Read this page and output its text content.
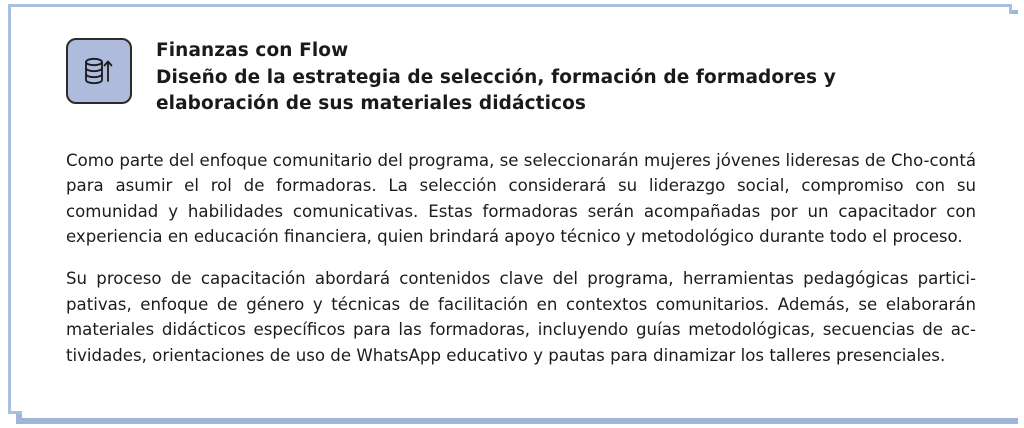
Finanzas con Flow
Diseño de la estrategia de selección, formación de formadores y
elaboración de sus materiales didácticos

Como parte del enfoque comunitario del programa, se seleccionarán mujeres jóvenes lideresas de Cho-contá para asumir el rol de formadoras. La selección considerará su liderazgo social, compromiso con su comunidad y habilidades comunicativas. Estas formadoras serán acompañadas por un capacitador con experiencia en educación financiera, quien brindará apoyo técnico y metodológico durante todo el proceso.

Su proceso de capacitación abordará contenidos clave del programa, herramientas pedagógicas partici-pativas, enfoque de género y técnicas de facilitación en contextos comunitarios. Además, se elaborarán materiales didácticos específicos para las formadoras, incluyendo guías metodológicas, secuencias de ac-tividades, orientaciones de uso de WhatsApp educativo y pautas para dinamizar los talleres presenciales.
